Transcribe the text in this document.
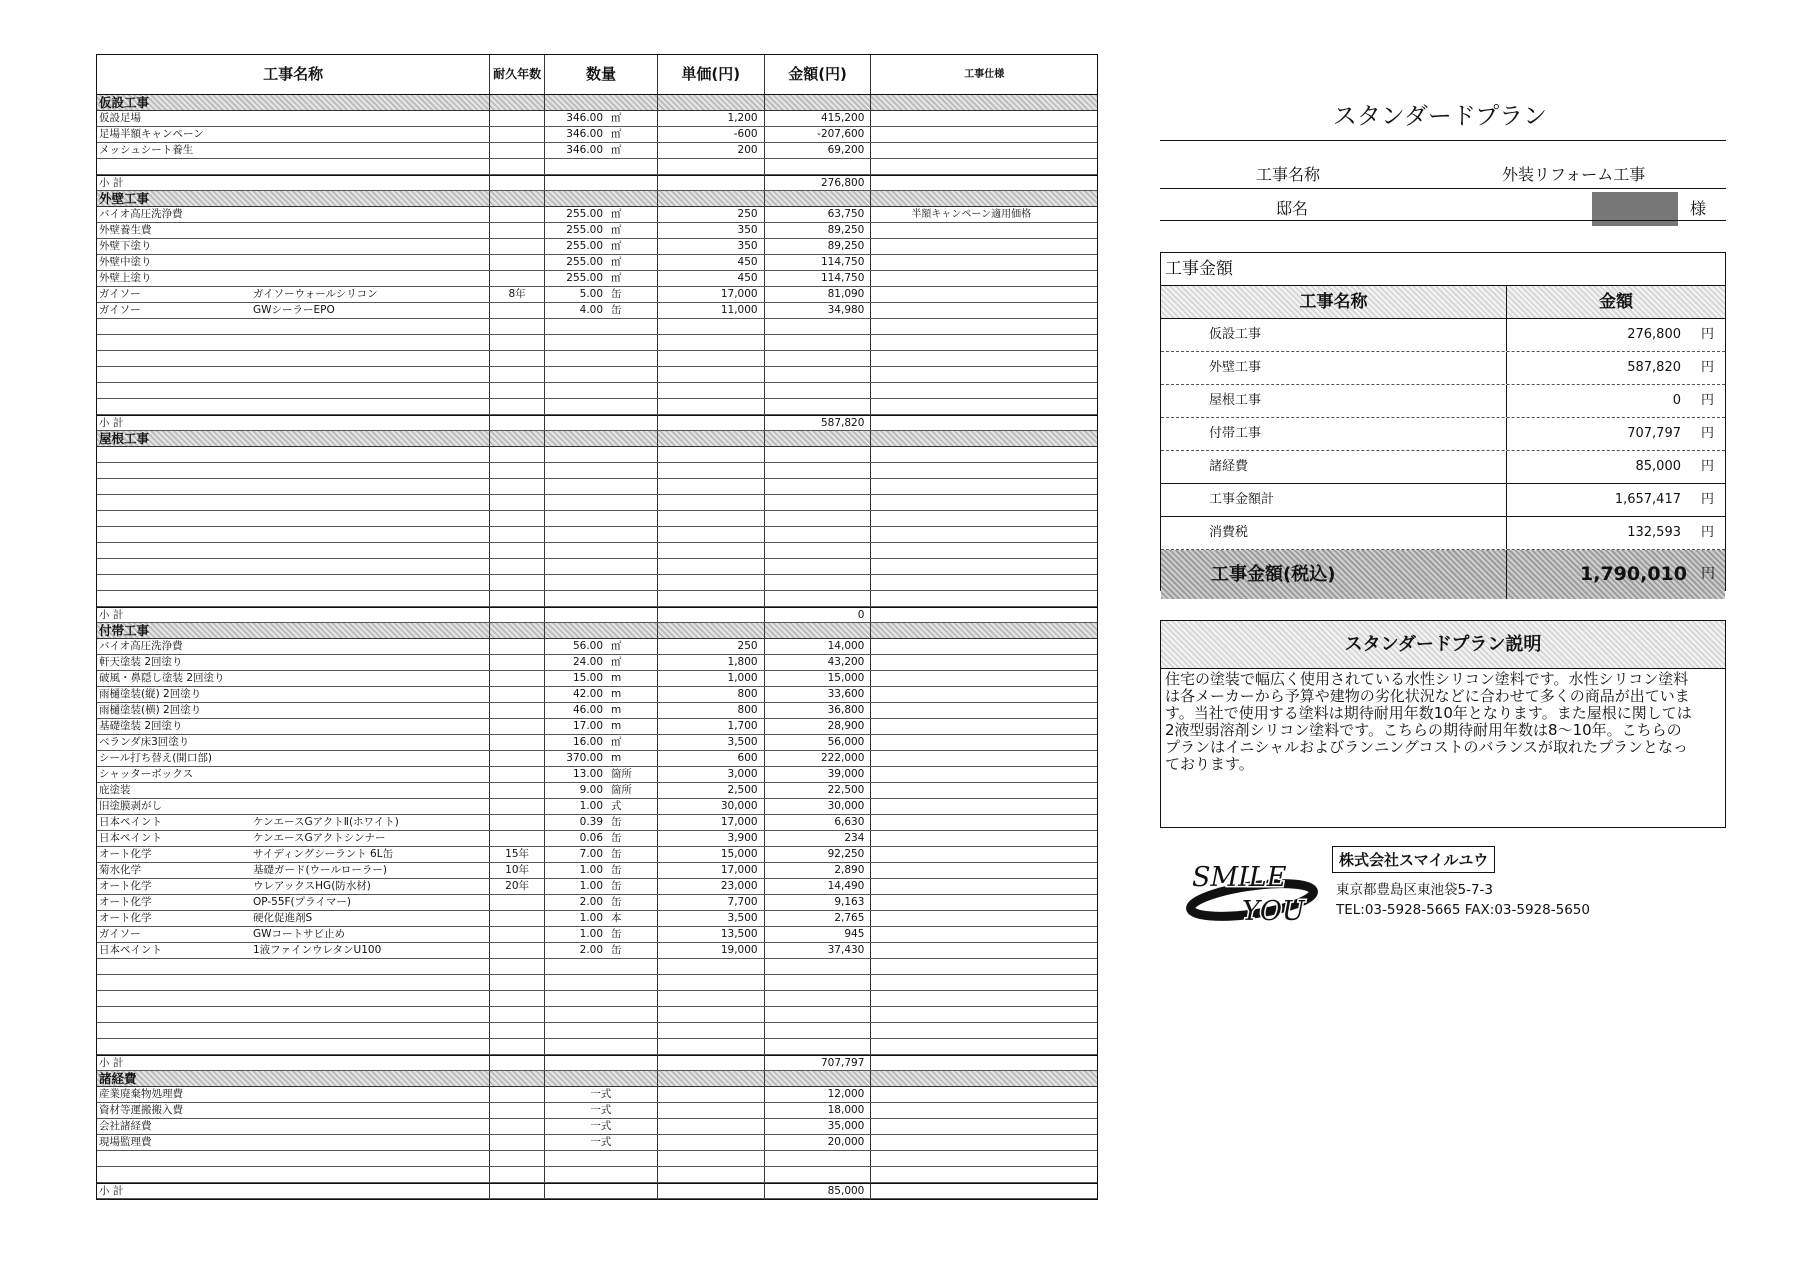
工事名称	耐久年数	数量	単価(円)	金額(円)	工事仕様
仮設工事
仮設足場	346.00 ㎡	1,200	415,200
足場半額キャンペーン	346.00 ㎡	-600	-207,600
メッシュシート養生	346.00 ㎡	200	69,200
小 計	276,800
外壁工事
バイオ高圧洗浄費	255.00 ㎡	250	63,750	半額キャンペーン適用価格
外壁養生費	255.00 ㎡	350	89,250
外壁下塗り	255.00 ㎡	350	89,250
外壁中塗り	255.00 ㎡	450	114,750
外壁上塗り	255.00 ㎡	450	114,750
ガイソー	ガイソーウォールシリコン	8年	5.00 缶	17,000	81,090
ガイソー	GWシーラーEPO	4.00 缶	11,000	34,980
小 計	587,820
屋根工事
小 計	0
付帯工事
バイオ高圧洗浄費	56.00 ㎡	250	14,000
軒天塗装 2回塗り	24.00 ㎡	1,800	43,200
破風・鼻隠し塗装 2回塗り	15.00 m	1,000	15,000
雨樋塗装(縦) 2回塗り	42.00 m	800	33,600
雨樋塗装(横) 2回塗り	46.00 m	800	36,800
基礎塗装 2回塗り	17.00 m	1,700	28,900
ベランダ床3回塗り	16.00 ㎡	3,500	56,000
シール打ち替え(開口部)	370.00 m	600	222,000
シャッターボックス	13.00 箇所	3,000	39,000
庇塗装	9.00 箇所	2,500	22,500
旧塗膜剥がし	1.00 式	30,000	30,000
日本ペイント	ケンエースGアクトⅡ(ホワイト)	0.39 缶	17,000	6,630
日本ペイント	ケンエースGアクトシンナー	0.06 缶	3,900	234
オート化学	サイディングシーラント 6L缶	15年	7.00 缶	15,000	92,250
菊水化学	基礎ガード(ウールローラー)	10年	1.00 缶	17,000	2,890
オート化学	ウレアックスHG(防水材)	20年	1.00 缶	23,000	14,490
オート化学	OP-55F(プライマー)	2.00 缶	7,700	9,163
オート化学	硬化促進剤S	1.00 本	3,500	2,765
ガイソー	GWコートサビ止め	1.00 缶	13,500	945
日本ペイント	1液ファインウレタンU100	2.00 缶	19,000	37,430
小 計	707,797
諸経費
産業廃棄物処理費	一式	12,000
資材等運搬搬入費	一式	18,000
会社諸経費	一式	35,000
現場監理費	一式	20,000
小 計	85,000
スタンダードプラン
工事名称	外装リフォーム工事
邸名	様
工事金額
工事名称	金額
仮設工事	276,800	円
外壁工事	587,820	円
屋根工事	0	円
付帯工事	707,797	円
諸経費	85,000	円
工事金額計	1,657,417	円
消費税	132,593	円
工事金額(税込)	1,790,010	円
スタンダードプラン説明
住宅の塗装で幅広く使用されている水性シリコン塗料です。水性シリコン塗料
は各メーカーから予算や建物の劣化状況などに合わせて多くの商品が出ていま
す。当社で使用する塗料は期待耐用年数10年となります。また屋根に関しては
2液型弱溶剤シリコン塗料です。こちらの期待耐用年数は8～10年。こちらの
プランはイニシャルおよびランニングコストのバランスが取れたプランとなっ
ております。
SMILE
YOU
株式会社スマイルユウ
東京都豊島区東池袋5-7-3
TEL:03-5928-5665 FAX:03-5928-5650
